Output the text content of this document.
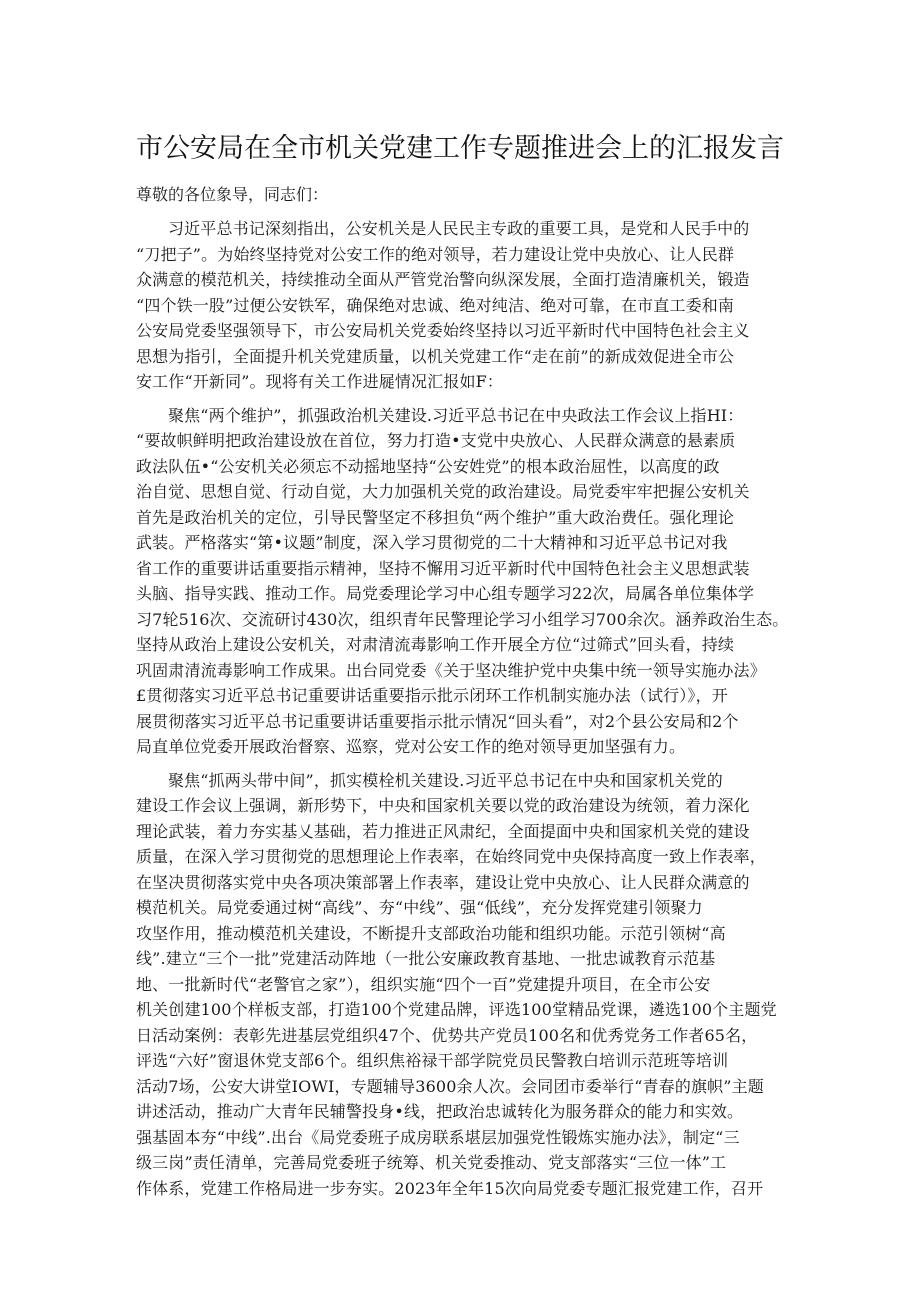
市公安局在全市机关党建工作专题推进会上的汇报发言

尊敬的各位象导，同志们：

习近平总书记深刻指出，公安机关是人民民主专政的重要工具，是党和人民手中的
“刀把子”。为始终坚持党对公安工作的绝对领导，若力建设让党中央放心、让人民群
众满意的模范机关，持续推动全面从严管党治警向纵深发展，全面打造清廉机关，锻造
“四个铁一股”过便公安铁军，确保绝对忠诚、绝对纯洁、绝对可靠，在市直工委和南
公安局党委坚强领导下，市公安局机关党委始终坚持以习近平新时代中国特色社会主义
思想为指引，全面提升机关党建质量，以机关党建工作“走在前”的新成效促进全市公
安工作“开新同”。现将有关工作进屣情况汇报如F：
聚焦“两个维护”，抓强政治机关建设.习近平总书记在中央政法工作会议上指HI：
“要故帜鲜明把政治建设放在首位，努力打造•支党中央放心、人民群众满意的悬素质
政法队伍•“公安机关必须忘不动摇地坚持“公安姓党”的根本政治屈性，以高度的政
治自觉、思想自觉、行动自觉，大力加强机关党的政治建设。局党委牢牢把握公安机关
首先是政治机关的定位，引导民警坚定不移担负“两个维护”重大政治费任。强化理论
武装。严格落实“第•议题”制度，深入学习贯彻党的二十大精神和习近平总书记对我
省工作的重要讲话重要指示精神，坚持不懈用习近平新时代中国特色社会主义思想武装
头脑、指导实践、推动工作。局党委理论学习中心组专题学习22次，局属各单位集体学
习7轮516次、交流研讨430次，组织青年民警理论学习小组学习700余次。涵养政治生态。
坚持从政治上建设公安机关，对肃清流毒影响工作开展全方位“过筛式”回头看，持续
巩固肃清流毒影响工作成果。出台同党委《关于坚决维护党中央集中统一领导实施办法》
£贯彻落实习近平总书记重要讲话重要指示批示闭环工作机制实施办法（试行）》，开
展贯彻落实习近平总书记重要讲话重要指示批示情况“回头看”，对2个县公安局和2个
局直单位党委开展政治督察、巡察，党对公安工作的绝对领导更加坚强有力。
聚焦“抓两头带中间”，抓实模栓机关建设.习近平总书记在中央和国家机关党的
建设工作会议上强调，新形势下，中央和国家机关要以党的政治建设为统领，着力深化
理论武装，着力夯实基乂基础，若力推进正风肃纪，全面提面中央和国家机关党的建设
质量，在深入学习贯彻党的思想理论上作表率，在始终同党中央保持高度一致上作表率，
在坚决贯彻落实党中央各项决策部署上作表率，建设让党中央放心、让人民群众满意的
模范机关。局党委通过树“高线”、夯“中线”、强“低线”，充分发挥党建引领聚力
攻坚作用，推动模范机关建设，不断提升支部政治功能和组织功能。示范引领树“高
线”.建立“三个一批”党建活动阵地（一批公安廉政教育基地、一批忠诚教育示范基
地、一批新时代“老警官之家”），组织实施“四个一百”党建提升项目，在全市公安
机关创建100个样板支部，打造100个党建品牌，评选100堂精品党课，遴选100个主题党
日活动案例：表彰先进基层党组织47个、优势共产党员100名和优秀党务工作者65名，
评选“六好”窗退休党支部6个。组织焦裕禄干部学院党员民警教白培训示范班等培训
活动7场，公安大讲堂IOWI，专题辅导3600余人次。会同团市委举行“青春的旗帜”主题
讲述活动，推动广大青年民辅警投身•线，把政治忠诚转化为服务群众的能力和实效。
强基固本夯“中线”.出台《局党委班子成房联系堪层加强党性锻炼实施办法》，制定“三
级三岗”责任清单，完善局党委班子统筹、机关党委推动、党支部落实“三位一体”工
作体系，党建工作格局进一步夯实。2023年全年15次向局党委专题汇报党建工作，召开
